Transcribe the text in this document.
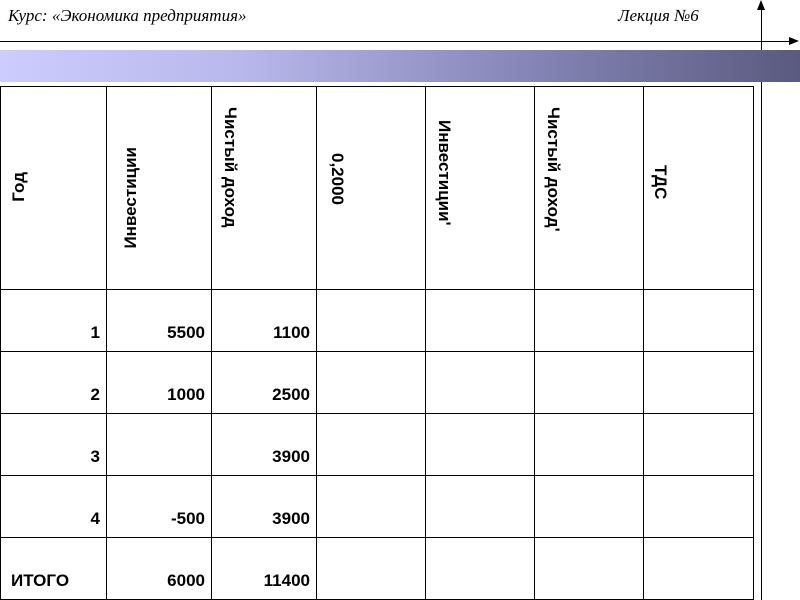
Курс: «Экономика предприятия»	Лекция №6
Год	Инвестиции	Чистый доход	0,2000	Инвестиции'	Чистый доход'	ТДС

1	5500	1100				
2	1000	2500				
3		3900				
4	-500	3900				
ИТОГО	6000	11400				
